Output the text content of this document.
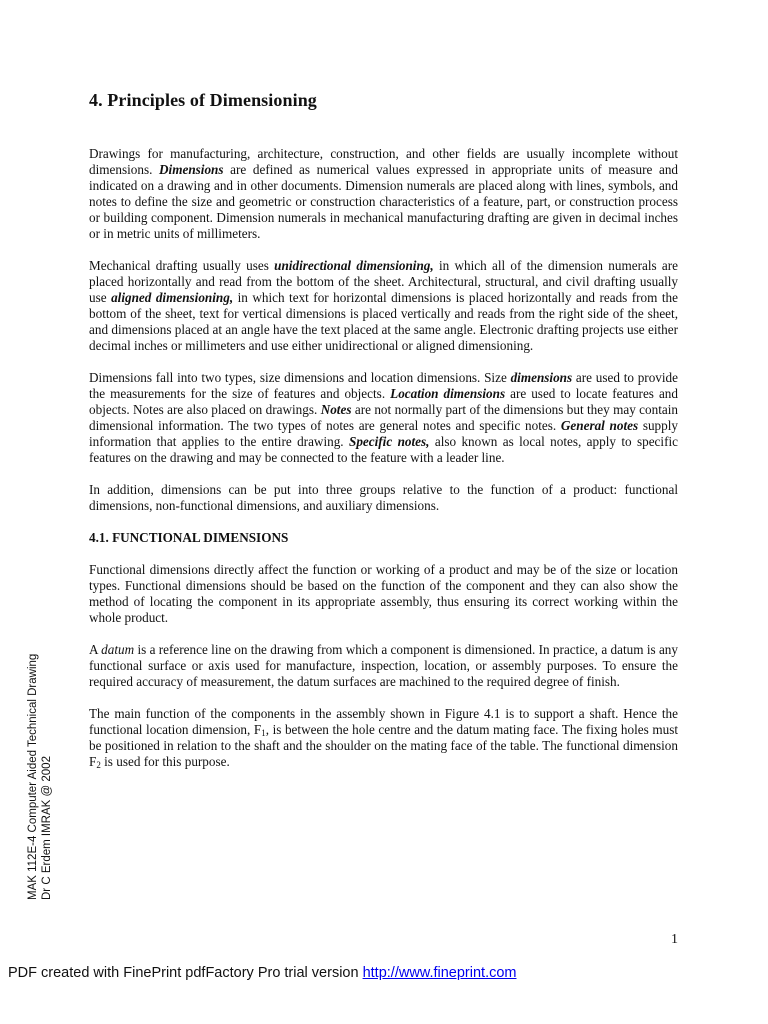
4. Principles of Dimensioning

Drawings for manufacturing, architecture, construction, and other fields are usually incomplete without dimensions. Dimensions are defined as numerical values expressed in appropriate units of measure and indicated on a drawing and in other documents. Dimension numerals are placed along with lines, symbols, and notes to define the size and geometric or construction characteristics of a feature, part, or construction process or building component. Dimension numerals in mechanical manufacturing drafting are given in decimal inches or in metric units of millimeters.

Mechanical drafting usually uses unidirectional dimensioning, in which all of the dimension numerals are placed horizontally and read from the bottom of the sheet. Architectural, structural, and civil drafting usually use aligned dimensioning, in which text for horizontal dimensions is placed horizontally and reads from the bottom of the sheet, text for vertical dimensions is placed vertically and reads from the right side of the sheet, and dimensions placed at an angle have the text placed at the same angle. Electronic drafting projects use either decimal inches or millimeters and use either unidirectional or aligned dimensioning.

Dimensions fall into two types, size dimensions and location dimensions. Size dimensions are used to provide the measurements for the size of features and objects. Location dimensions are used to locate features and objects. Notes are also placed on drawings. Notes are not normally part of the dimensions but they may contain dimensional information. The two types of notes are general notes and specific notes. General notes supply information that applies to the entire drawing. Specific notes, also known as local notes, apply to specific features on the drawing and may be connected to the feature with a leader line.

In addition, dimensions can be put into three groups relative to the function of a product: functional dimensions, non-functional dimensions, and auxiliary dimensions.

4.1. FUNCTIONAL DIMENSIONS

Functional dimensions directly affect the function or working of a product and may be of the size or location types. Functional dimensions should be based on the function of the component and they can also show the method of locating the component in its appropriate assembly, thus ensuring its correct working within the whole product.

A datum is a reference line on the drawing from which a component is dimensioned. In practice, a datum is any functional surface or axis used for manufacture, inspection, location, or assembly purposes. To ensure the required accuracy of measurement, the datum surfaces are machined to the required degree of finish.

The main function of the components in the assembly shown in Figure 4.1 is to support a shaft. Hence the functional location dimension, $F_1$, is between the hole centre and the datum mating face. The fixing holes must be positioned in relation to the shaft and the shoulder on the mating face of the table. The functional dimension $F_2$ is used for this purpose.

MAK 112E-4 Computer Aided Technical Drawing Dr C Erdem IMRAK @ 2002
1
PDF created with FinePrint pdfFactory Pro trial version http://www.fineprint.com
